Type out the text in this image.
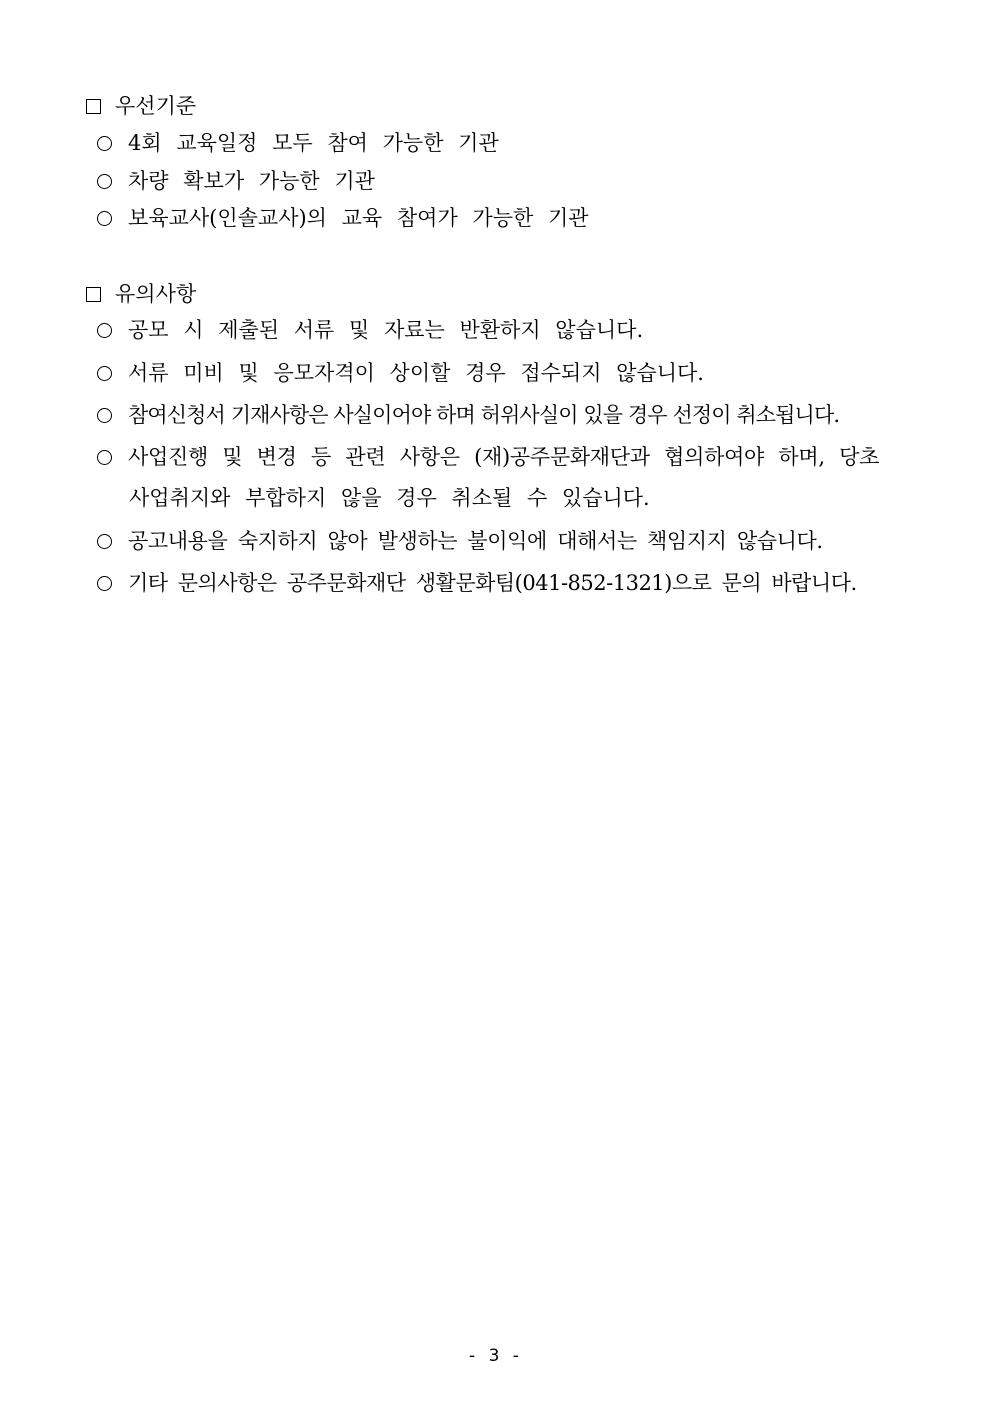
우선기준
4회 교육일정 모두 참여 가능한 기관
차량 확보가 가능한 기관
보육교사(인솔교사)의 교육 참여가 가능한 기관
유의사항
공모 시 제출된 서류 및 자료는 반환하지 않습니다.
서류 미비 및 응모자격이 상이할 경우 접수되지 않습니다.
참여신청서 기재사항은 사실이어야 하며 허위사실이 있을 경우 선정이 취소됩니다.
사업진행 및 변경 등 관련 사항은 (재)공주문화재단과 협의하여야 하며, 당초
사업취지와 부합하지 않을 경우 취소될 수 있습니다.
공고내용을 숙지하지 않아 발생하는 불이익에 대해서는 책임지지 않습니다.
기타 문의사항은 공주문화재단 생활문화팀(041-852-1321)으로 문의 바랍니다.
- 3 -
